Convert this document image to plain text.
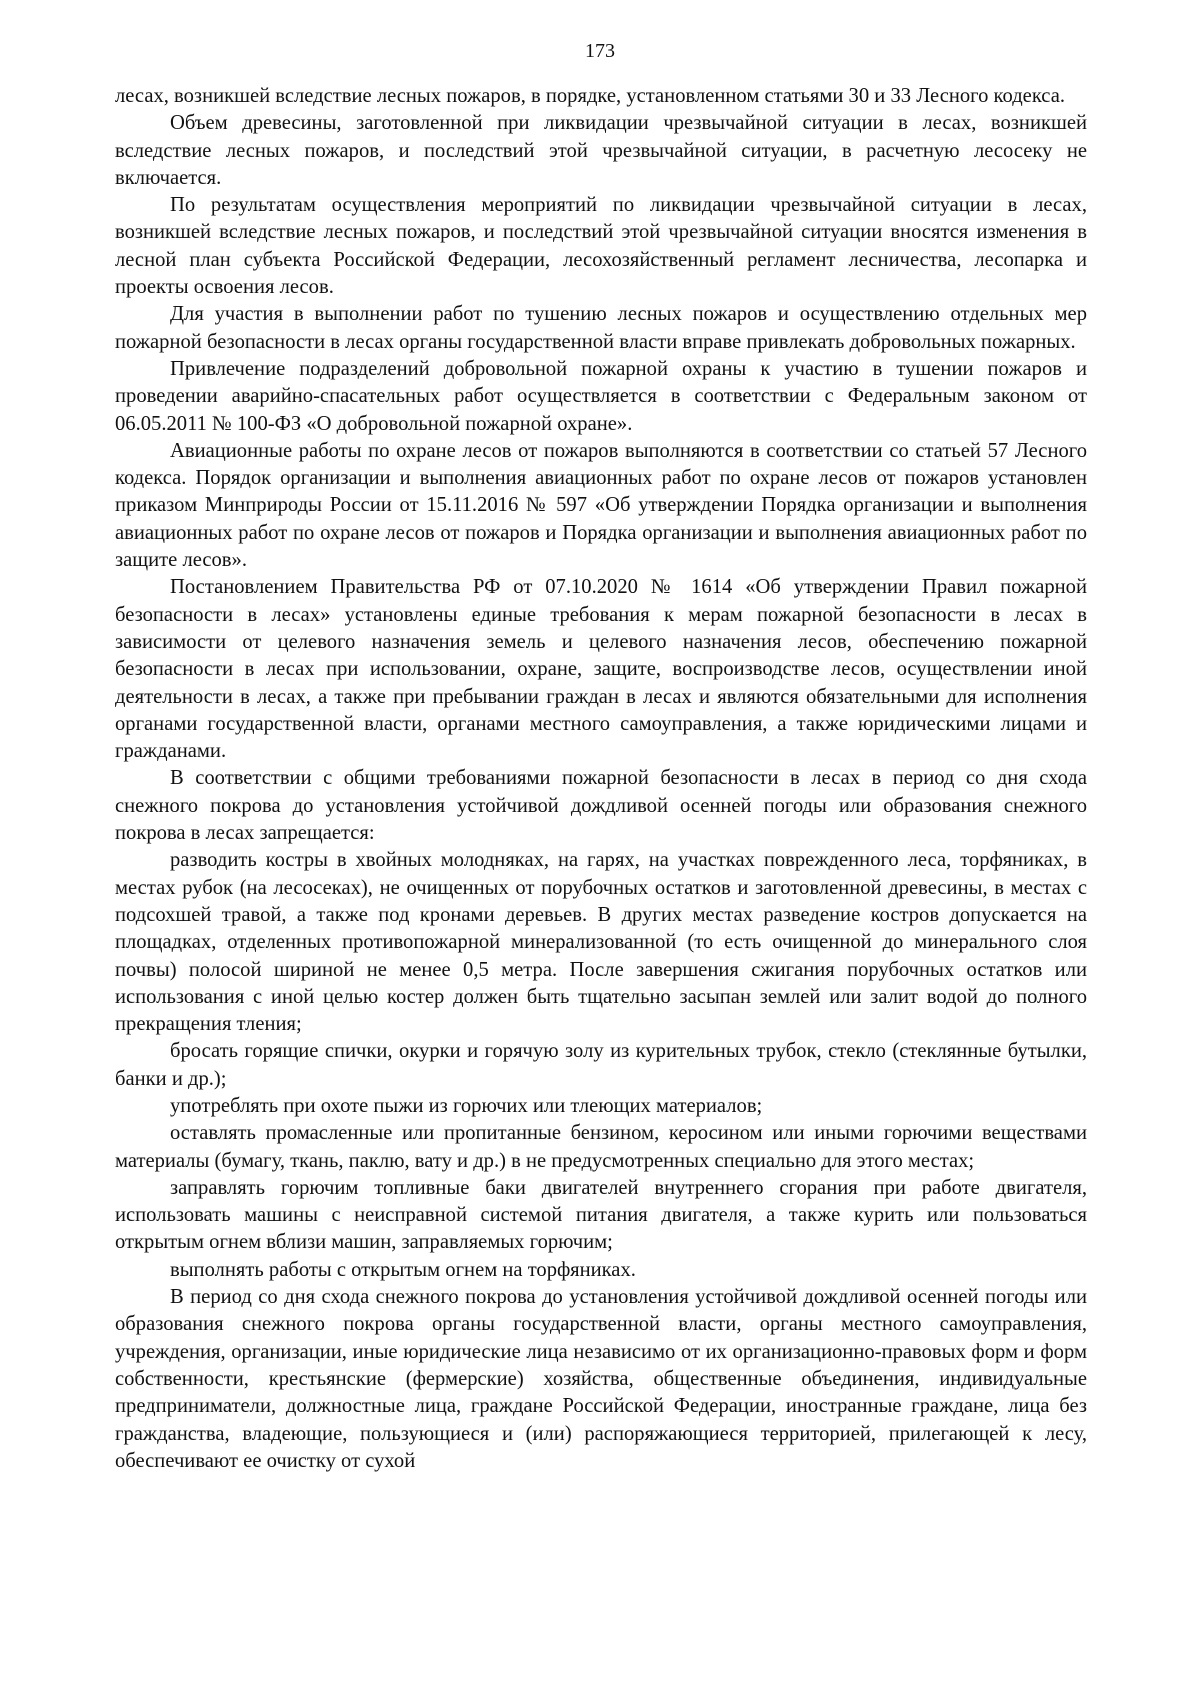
173

лесах, возникшей вследствие лесных пожаров, в порядке, установленном статьями 30 и 33 Лесного кодекса.

Объем древесины, заготовленной при ликвидации чрезвычайной ситуации в лесах, возникшей вследствие лесных пожаров, и последствий этой чрезвычайной ситуации, в расчетную лесосеку не включается.

По результатам осуществления мероприятий по ликвидации чрезвычайной ситуации в лесах, возникшей вследствие лесных пожаров, и последствий этой чрезвычайной ситуации вносятся изменения в лесной план субъекта Российской Федерации, лесохозяйственный регламент лесничества, лесопарка и проекты освоения лесов.

Для участия в выполнении работ по тушению лесных пожаров и осуществлению отдельных мер пожарной безопасности в лесах органы государственной власти вправе привлекать добровольных пожарных.

Привлечение подразделений добровольной пожарной охраны к участию в тушении пожаров и проведении аварийно-спасательных работ осуществляется в соответствии с Федеральным законом от 06.05.2011 № 100-ФЗ «О добровольной пожарной охране».

Авиационные работы по охране лесов от пожаров выполняются в соответствии со статьей 57 Лесного кодекса. Порядок организации и выполнения авиационных работ по охране лесов от пожаров установлен приказом Минприроды России от 15.11.2016 № 597 «Об утверждении Порядка организации и выполнения авиационных работ по охране лесов от пожаров и Порядка организации и выполнения авиационных работ по защите лесов».

Постановлением Правительства РФ от 07.10.2020 № 1614 «Об утверждении Правил пожарной безопасности в лесах» установлены единые требования к мерам пожарной безопасности в лесах в зависимости от целевого назначения земель и целевого назначения лесов, обеспечению пожарной безопасности в лесах при использовании, охране, защите, воспроизводстве лесов, осуществлении иной деятельности в лесах, а также при пребывании граждан в лесах и являются обязательными для исполнения органами государственной власти, органами местного самоуправления, а также юридическими лицами и гражданами.

В соответствии с общими требованиями пожарной безопасности в лесах в период со дня схода снежного покрова до установления устойчивой дождливой осенней погоды или образования снежного покрова в лесах запрещается:

разводить костры в хвойных молодняках, на гарях, на участках поврежденного леса, торфяниках, в местах рубок (на лесосеках), не очищенных от порубочных остатков и заготовленной древесины, в местах с подсохшей травой, а также под кронами деревьев. В других местах разведение костров допускается на площадках, отделенных противопожарной минерализованной (то есть очищенной до минерального слоя почвы) полосой шириной не менее 0,5 метра. После завершения сжигания порубочных остатков или использования с иной целью костер должен быть тщательно засыпан землей или залит водой до полного прекращения тления;

бросать горящие спички, окурки и горячую золу из курительных трубок, стекло (стеклянные бутылки, банки и др.);

употреблять при охоте пыжи из горючих или тлеющих материалов;

оставлять промасленные или пропитанные бензином, керосином или иными горючими веществами материалы (бумагу, ткань, паклю, вату и др.) в не предусмотренных специально для этого местах;

заправлять горючим топливные баки двигателей внутреннего сгорания при работе двигателя, использовать машины с неисправной системой питания двигателя, а также курить или пользоваться открытым огнем вблизи машин, заправляемых горючим;

выполнять работы с открытым огнем на торфяниках.

В период со дня схода снежного покрова до установления устойчивой дождливой осенней погоды или образования снежного покрова органы государственной власти, органы местного самоуправления, учреждения, организации, иные юридические лица независимо от их организационно-правовых форм и форм собственности, крестьянские (фермерские) хозяйства, общественные объединения, индивидуальные предприниматели, должностные лица, граждане Российской Федерации, иностранные граждане, лица без гражданства, владеющие, пользующиеся и (или) распоряжающиеся территорией, прилегающей к лесу, обеспечивают ее очистку от сухой
